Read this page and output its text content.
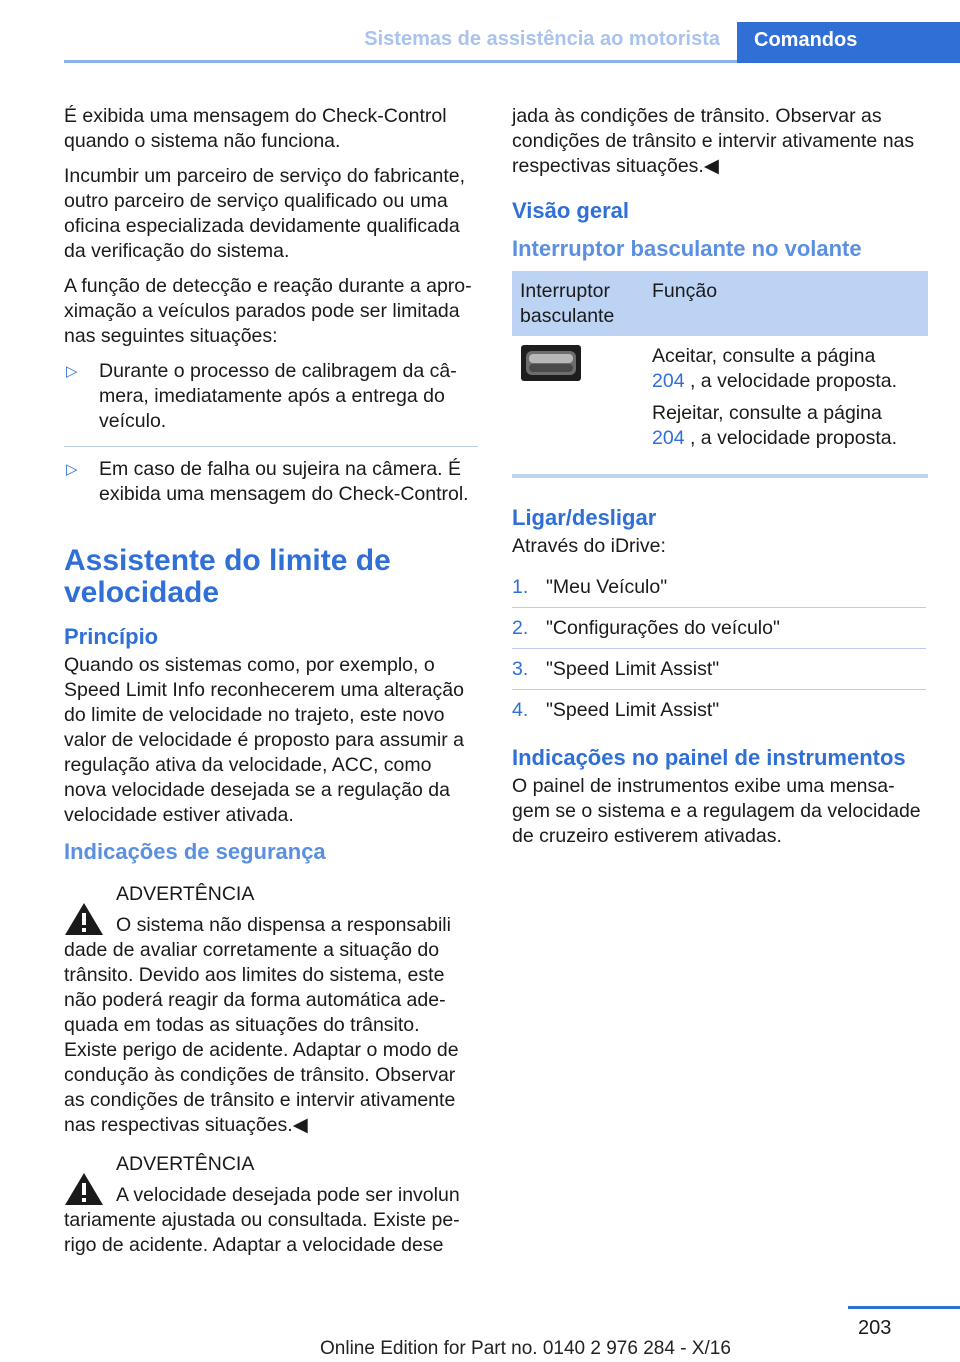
Sistemas de assistência ao motorista	Comandos

É exibida uma mensagem do Check-Control quando o sistema não funciona.

Incumbir um parceiro de serviço do fabricante, outro parceiro de serviço qualificado ou uma oficina especializada devidamente qualificada da verificação do sistema.

A função de detecção e reação durante a aproximação a veículos parados pode ser limitada nas seguintes situações:

▷ Durante o processo de calibragem da câmera, imediatamente após a entrega do veículo.
▷ Em caso de falha ou sujeira na câmera. É exibida uma mensagem do Check-Control.
Assistente do limite de velocidade
Princípio

Quando os sistemas como, por exemplo, o Speed Limit Info reconhecerem uma alteração do limite de velocidade no trajeto, este novo valor de velocidade é proposto para assumir a regulação ativa da velocidade, ACC, como nova velocidade desejada se a regulação da velocidade estiver ativada.

Indicações de segurança
ADVERTÊNCIA
O sistema não dispensa a responsabili
dade de avaliar corretamente a situação do trânsito. Devido aos limites do sistema, este não poderá reagir da forma automática adequada em todas as situações do trânsito. Existe perigo de acidente. Adaptar o modo de condução às condições de trânsito. Observar as condições de trânsito e intervir ativamente nas respectivas situações.◀
ADVERTÊNCIA
A velocidade desejada pode ser involun
tariamente ajustada ou consultada. Existe perigo de acidente. Adaptar a velocidade dese

jada às condições de trânsito. Observar as condições de trânsito e intervir ativamente nas respectivas situações.◀

Visão geral
Interruptor basculante no volante
Interruptor basculante
Função

Aceitar, consulte a página
204 , a velocidade proposta.

Rejeitar, consulte a página
204 , a velocidade proposta.

Ligar/desligar

Através do iDrive:

1. "Meu Veículo"
2. "Configurações do veículo"
3. "Speed Limit Assist"
4. "Speed Limit Assist"
Indicações no painel de instrumentos

O painel de instrumentos exibe uma mensagem se o sistema e a regulagem da velocidade de cruzeiro estiverem ativadas.

203
Online Edition for Part no. 0140 2 976 284 - X/16
